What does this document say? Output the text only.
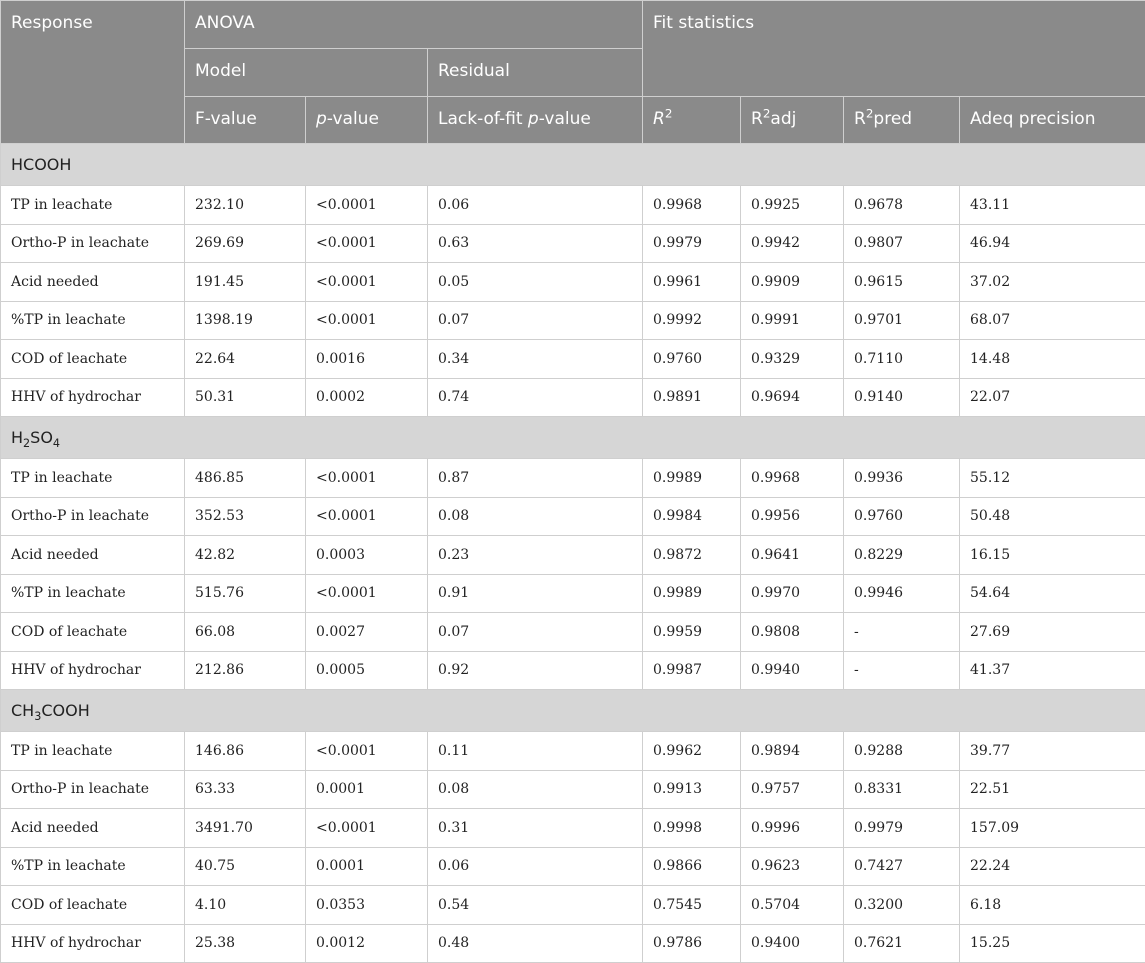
Response	ANOVA			Fit statistics			
	Model		Residual				
	F-value	p-value	Lack-of-fit p-value	$R^2$	$R^2adj$	$R^2pred$	Adeq precision
HCOOH							
TP in leachate	232.10	<0.0001	0.06	0.9968	0.9925	0.9678	43.11
Ortho-P in leachate	269.69	<0.0001	0.63	0.9979	0.9942	0.9807	46.94
Acid needed	191.45	<0.0001	0.05	0.9961	0.9909	0.9615	37.02
%TP in leachate	1398.19	<0.0001	0.07	0.9992	0.9991	0.9701	68.07
COD of leachate	22.64	0.0016	0.34	0.9760	0.9329	0.7110	14.48
HHV of hydrochar	50.31	0.0002	0.74	0.9891	0.9694	0.9140	22.07
$H_2SO_4$
TP in leachate	486.85	<0.0001	0.87	0.9989	0.9968	0.9936	55.12
Ortho-P in leachate	352.53	<0.0001	0.08	0.9984	0.9956	0.9760	50.48
Acid needed	42.82	0.0003	0.23	0.9872	0.9641	0.8229	16.15
%TP in leachate	515.76	<0.0001	0.91	0.9989	0.9970	0.9946	54.64
COD of leachate	66.08	0.0027	0.07	0.9959	0.9808	-	27.69
HHV of hydrochar	212.86	0.0005	0.92	0.9987	0.9940	-	41.37
$CH_3COOH$							
TP in leachate	146.86	<0.0001	0.11	0.9962	0.9894	0.9288	39.77
Ortho-P in leachate	63.33	0.0001	0.08	0.9913	0.9757	0.8331	22.51
Acid needed	3491.70	<0.0001	0.31	0.9998	0.9996	0.9979	157.09
%TP in leachate	40.75	0.0001	0.06	0.9866	0.9623	0.7427	22.24
COD of leachate	4.10	0.0353	0.54	0.7545	0.5704	0.3200	6.18
HHV of hydrochar	25.38	0.0012	0.48	0.9786	0.9400	0.7621	15.25
